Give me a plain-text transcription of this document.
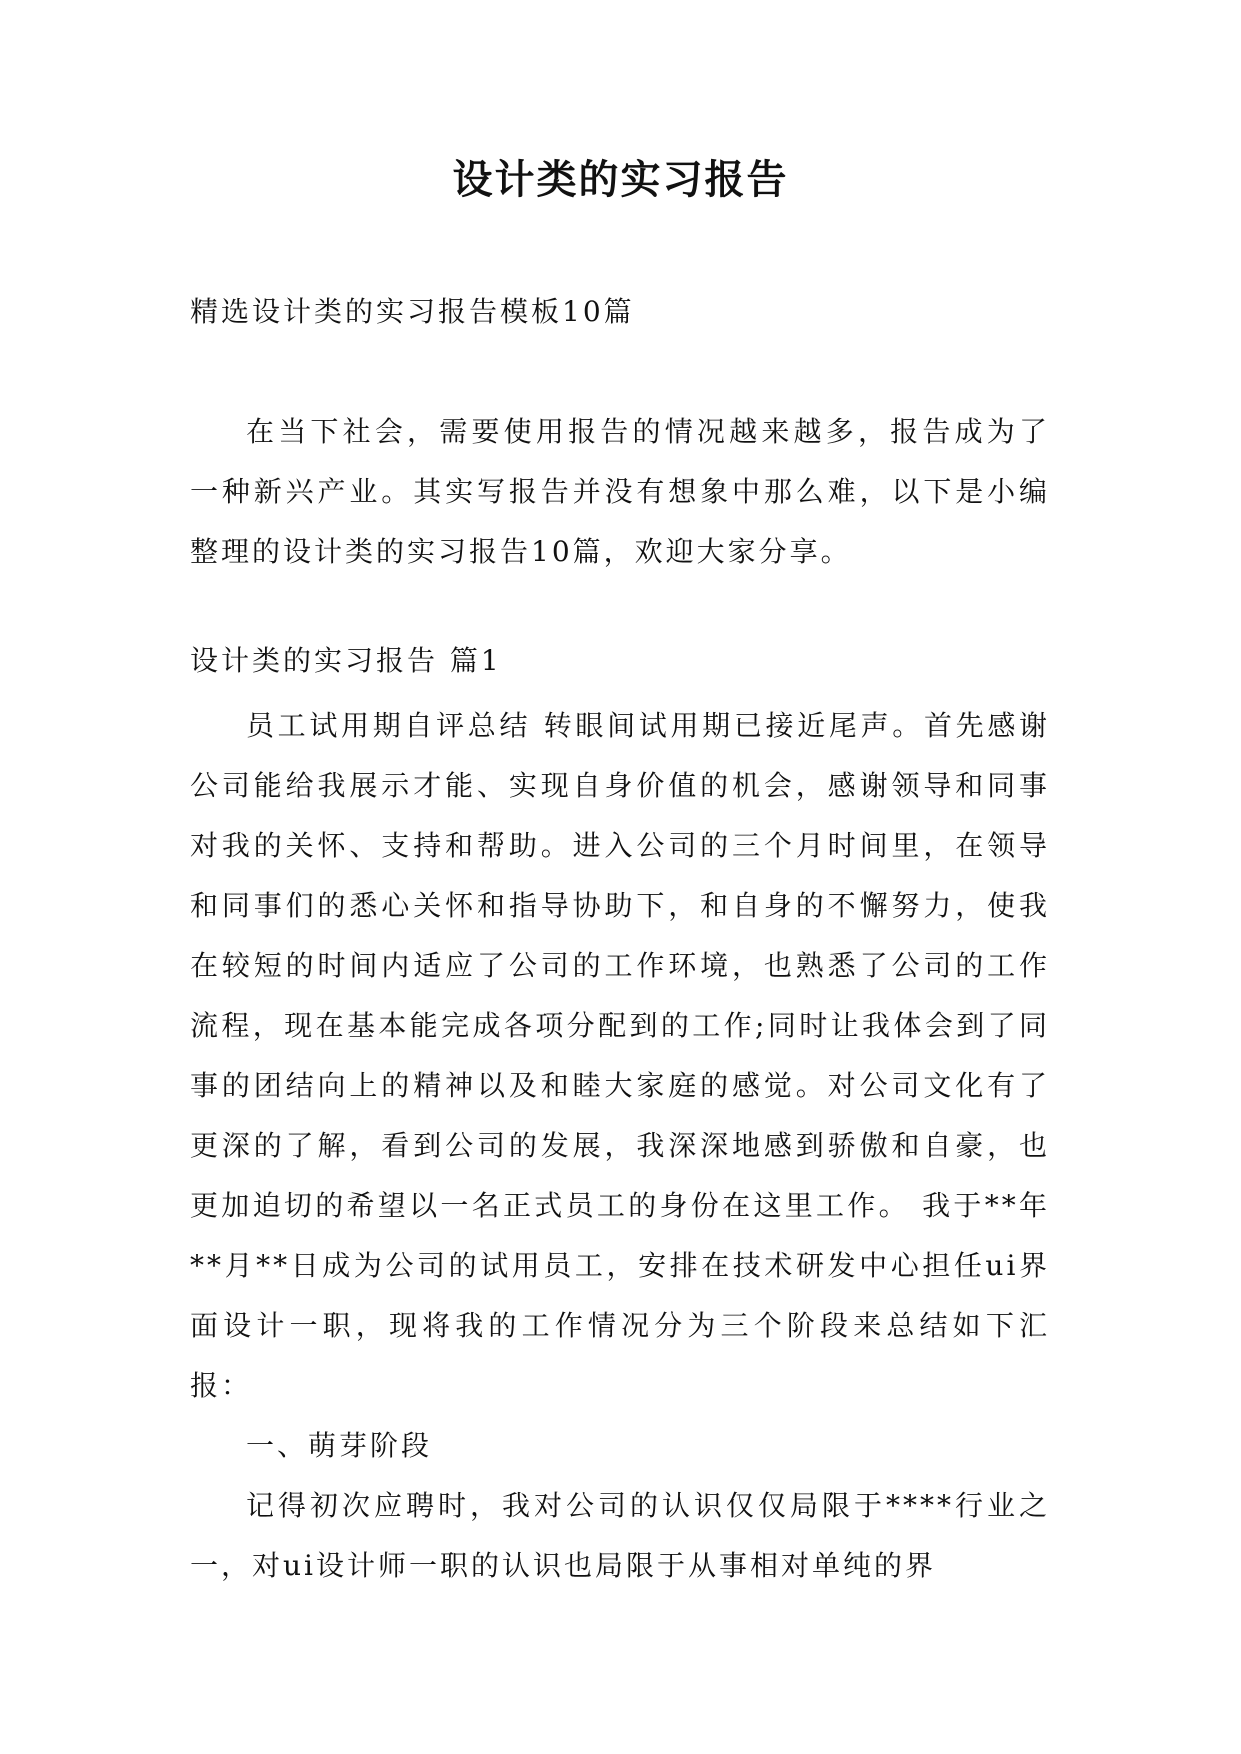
设计类的实习报告
精选设计类的实习报告模板10篇

在当下社会，需要使用报告的情况越来越多，报告成为了一种新兴产业。其实写报告并没有想象中那么难，以下是小编整理的设计类的实习报告10篇，欢迎大家分享。

设计类的实习报告 篇1

员工试用期自评总结 转眼间试用期已接近尾声。首先感谢公司能给我展示才能、实现自身价值的机会，感谢领导和同事对我的关怀、支持和帮助。进入公司的三个月时间里，在领导和同事们的悉心关怀和指导协助下，和自身的不懈努力，使我在较短的时间内适应了公司的工作环境，也熟悉了公司的工作流程，现在基本能完成各项分配到的工作;同时让我体会到了同事的团结向上的精神以及和睦大家庭的感觉。对公司文化有了更深的了解，看到公司的发展，我深深地感到骄傲和自豪，也更加迫切的希望以一名正式员工的身份在这里工作。 我于**年**月**日成为公司的试用员工，安排在技术研发中心担任ui界面设计一职，现将我的工作情况分为三个阶段来总结如下汇报：

一、萌芽阶段

记得初次应聘时，我对公司的认识仅仅局限于****行业之一，对ui设计师一职的认识也局限于从事相对单纯的界
